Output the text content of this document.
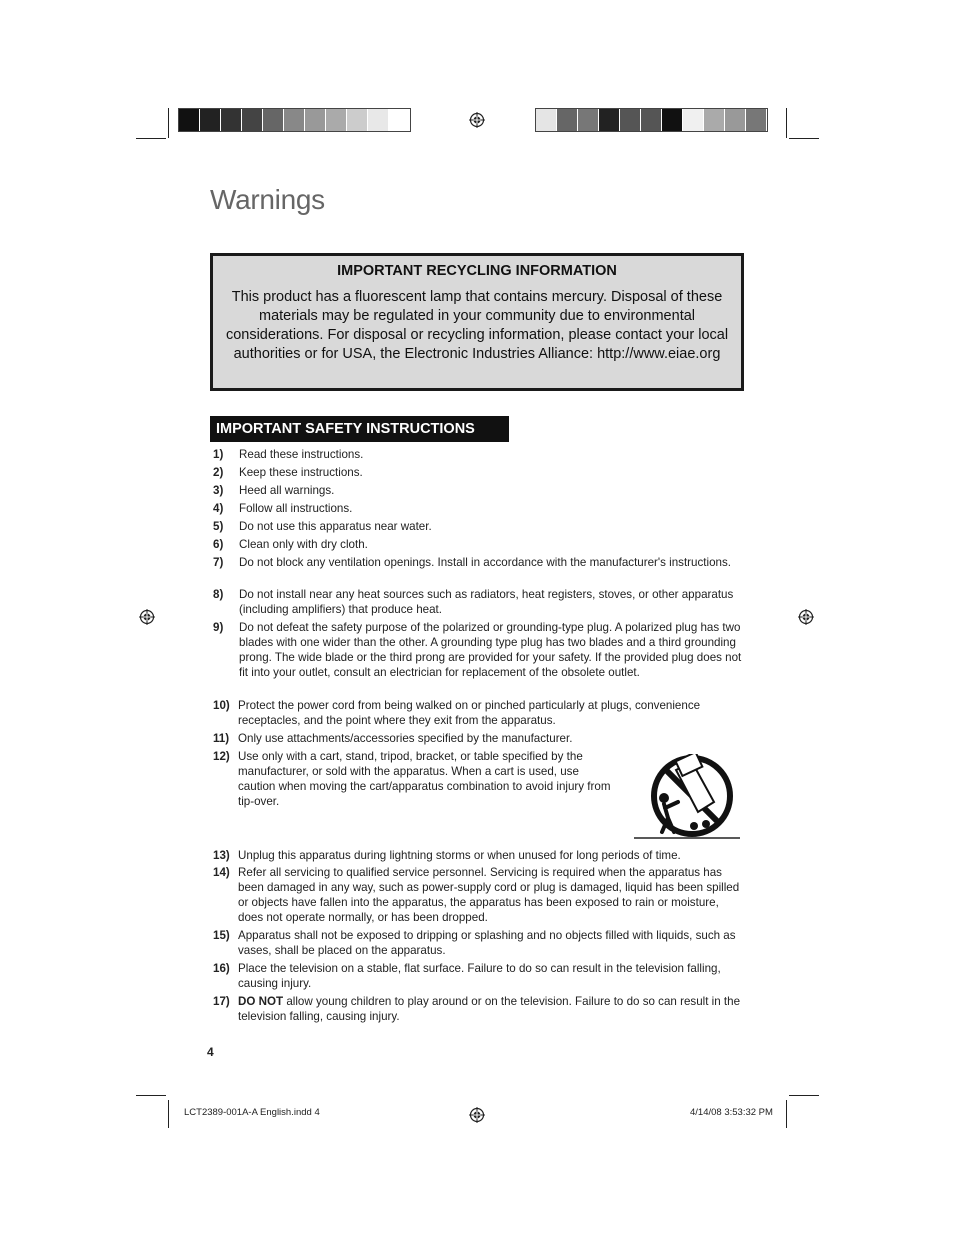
Warnings
IMPORTANT RECYCLING INFORMATION
This product has a fluorescent lamp that contains mercury. Disposal of these materials may be regulated in your community due to environmental considerations. For disposal or recycling information, please contact your local authorities or for USA, the Electronic Industries Alliance: http://www.eiae.org
IMPORTANT SAFETY INSTRUCTIONS
1)	Read these instructions.
2)	Keep these instructions.
3)	Heed all warnings.
4)	Follow all instructions.
5)	Do not use this apparatus near water.
6)	Clean only with dry cloth.
7)	Do not block any ventilation openings. Install in accordance with the manufacturer's instructions.
8)	Do not install near any heat sources such as radiators, heat registers, stoves, or other apparatus (including amplifiers) that produce heat.
9)	Do not defeat the safety purpose of the polarized or grounding-type plug. A polarized plug has two blades with one wider than the other. A grounding type plug has two blades and a third grounding prong. The wide blade or the third prong are provided for your safety. If the provided plug does not fit into your outlet, consult an electrician for replacement of the obsolete outlet.
10) Protect the power cord from being walked on or pinched particularly at plugs, convenience receptacles, and the point where they exit from the apparatus.
11) Only use attachments/accessories specified by the manufacturer.
12) Use only with a cart, stand, tripod, bracket, or table specified by the manufacturer, or sold with the apparatus. When a cart is used, use caution when moving the cart/apparatus combination to avoid injury from tip-over.
13) Unplug this apparatus during lightning storms or when unused for long periods of time.
14) Refer all servicing to qualified service personnel. Servicing is required when the apparatus has been damaged in any way, such as power-supply cord or plug is damaged, liquid has been spilled or objects have fallen into the apparatus, the apparatus has been exposed to rain or moisture, does not operate normally, or has been dropped.
15) Apparatus shall not be exposed to dripping or splashing and no objects filled with liquids, such as vases, shall be placed on the apparatus.
16) Place the television on a stable, flat surface. Failure to do so can result in the television falling, causing injury.
17) DO NOT allow young children to play around or on the television. Failure to do so can result in the television falling, causing injury.
4
LCT2389-001A-A English.indd 4	4/14/08 3:53:32 PM
